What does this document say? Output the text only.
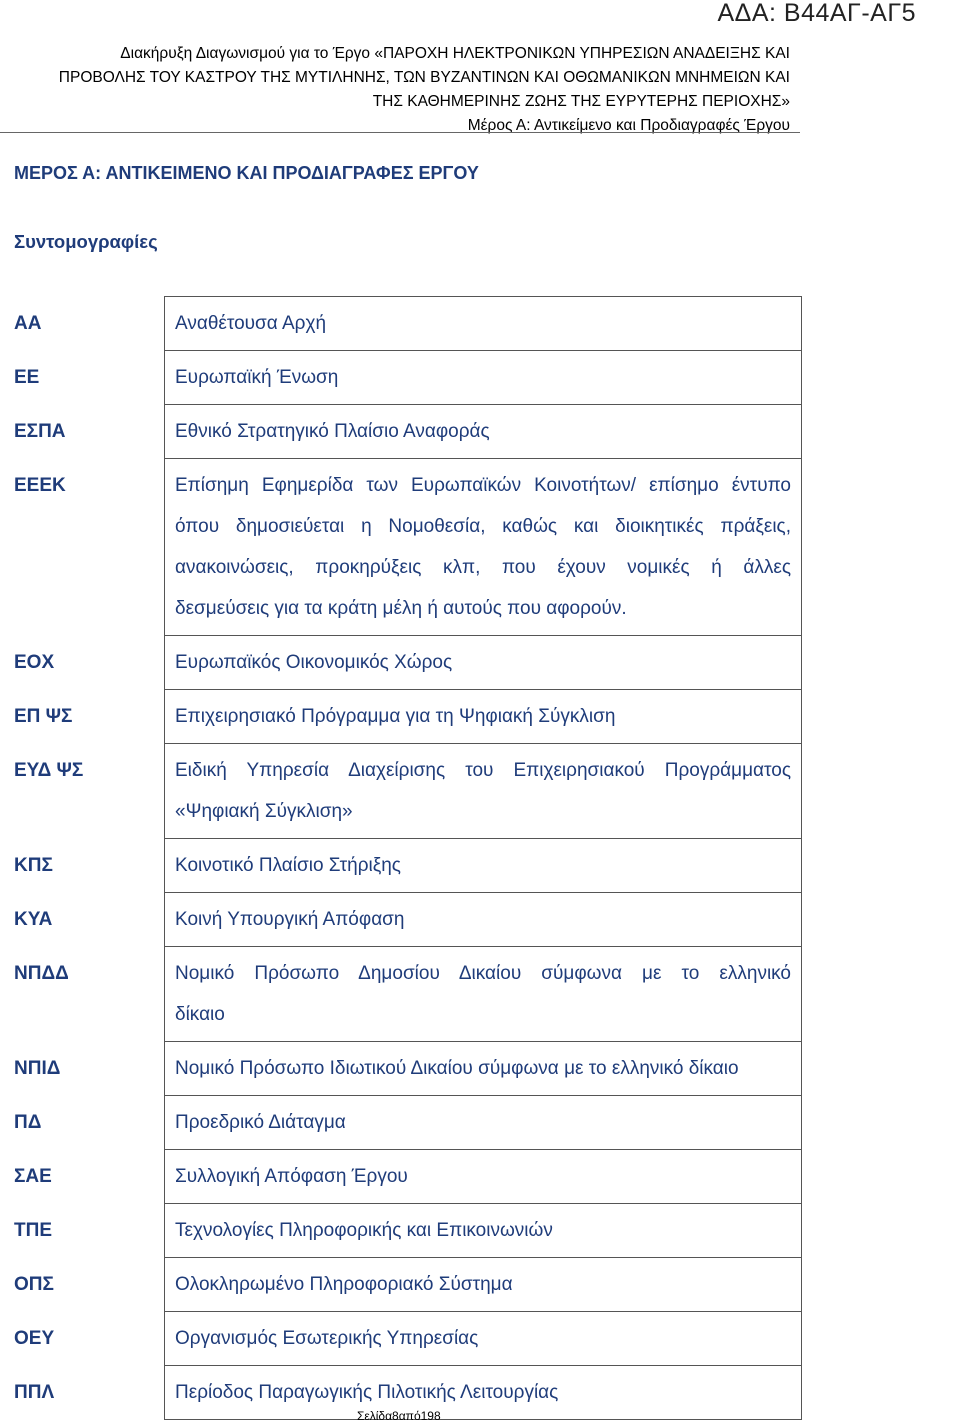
ΑΔΑ: Β44ΑΓ-ΑΓ5
Διακήρυξη Διαγωνισμού για το Έργο «ΠΑΡΟΧΗ ΗΛΕΚΤΡΟΝΙΚΩΝ ΥΠΗΡΕΣΙΩΝ ΑΝΑΔΕΙΞΗΣ ΚΑΙ
ΠΡΟΒΟΛΗΣ ΤΟΥ ΚΑΣΤΡΟΥ ΤΗΣ ΜΥΤΙΛΗΝΗΣ, ΤΩΝ ΒΥΖΑΝΤΙΝΩΝ ΚΑΙ ΟΘΩΜΑΝΙΚΩΝ ΜΝΗΜΕΙΩΝ ΚΑΙ
ΤΗΣ ΚΑΘΗΜΕΡΙΝΗΣ ΖΩΗΣ ΤΗΣ ΕΥΡΥΤΕΡΗΣ ΠΕΡΙΟΧΗΣ»
Μέρος Α: Αντικείμενο και Προδιαγραφές Έργου
ΜΕΡΟΣ Α: ΑΝΤΙΚΕΙΜΕΝΟ ΚΑΙ ΠΡΟΔΙΑΓΡΑΦΕΣ ΕΡΓΟΥ
Συντομογραφίες
ΑΑ	Αναθέτουσα Αρχή

ΕΕ	Ευρωπαϊκή Ένωση

ΕΣΠΑ	Εθνικό Στρατηγικό Πλαίσιο Αναφοράς

ΕΕΕΚ	Επίσημη Εφημερίδα των Ευρωπαϊκών Κοινοτήτων/ επίσημο έντυπο
όπου δημοσιεύεται η Νομοθεσία, καθώς και διοικητικές πράξεις,
ανακοινώσεις, προκηρύξεις κλπ, που έχουν νομικές ή άλλες
δεσμεύσεις για τα κράτη μέλη ή αυτούς που αφορούν.

ΕΟΧ	Ευρωπαϊκός Οικονομικός Χώρος

ΕΠ ΨΣ	Επιχειρησιακό Πρόγραμμα για τη Ψηφιακή Σύγκλιση

ΕΥΔ ΨΣ	Ειδική Υπηρεσία Διαχείρισης του Επιχειρησιακού Προγράμματος
«Ψηφιακή Σύγκλιση»

ΚΠΣ	Κοινοτικό Πλαίσιο Στήριξης

ΚΥΑ	Κοινή Υπουργική Απόφαση

ΝΠΔΔ	Νομικό Πρόσωπο Δημοσίου Δικαίου σύμφωνα με το ελληνικό
δίκαιο

ΝΠΙΔ	Νομικό Πρόσωπο Ιδιωτικού Δικαίου σύμφωνα με το ελληνικό δίκαιο

ΠΔ	Προεδρικό Διάταγμα

ΣΑΕ	Συλλογική Απόφαση Έργου

ΤΠΕ	Τεχνολογίες Πληροφορικής και Επικοινωνιών

ΟΠΣ	Ολοκληρωμένο Πληροφοριακό Σύστημα

ΟΕΥ	Οργανισμός Εσωτερικής Υπηρεσίας

ΠΠΛ	Περίοδος Παραγωγικής Πιλοτικής Λειτουργίας
Σελίδα8από198
